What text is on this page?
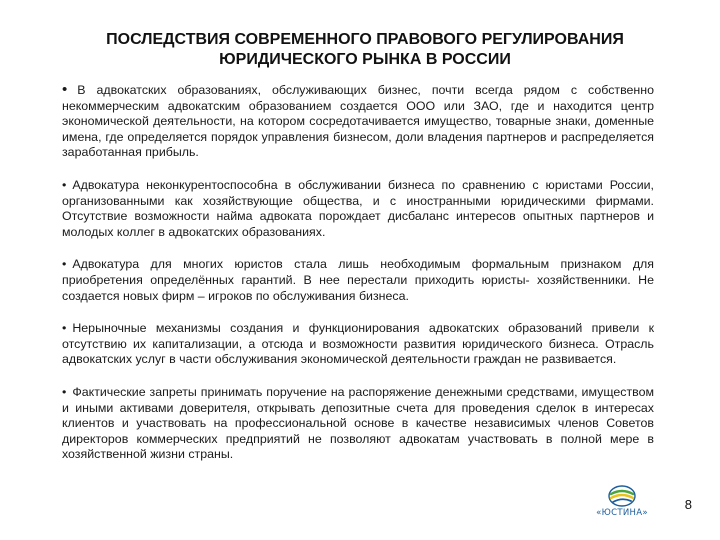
ПОСЛЕДСТВИЯ СОВРЕМЕННОГО ПРАВОВОГО РЕГУЛИРОВАНИЯ
ЮРИДИЧЕСКОГО РЫНКА В РОССИИ

• В адвокатских образованиях, обслуживающих бизнес, почти всегда рядом с собственно некоммерческим адвокатским образованием создается ООО или ЗАО, где и находится центр экономической деятельности, на котором сосредотачивается имущество, товарные знаки, доменные имена, где определяется порядок управления бизнесом, доли владения партнеров и распределяется заработанная прибыль.

• Адвокатура неконкурентоспособна в обслуживании бизнеса по сравнению с юристами России, организованными как хозяйствующие общества, и с иностранными юридическими фирмами. Отсутствие возможности найма адвоката порождает дисбаланс интересов опытных партнеров и молодых коллег в адвокатских образованиях.

• Адвокатура для многих юристов стала лишь необходимым формальным признаком для приобретения определённых гарантий. В нее перестали приходить юристы- хозяйственники. Не создается новых фирм – игроков по обслуживания бизнеса.

• Нерыночные механизмы создания и функционирования адвокатских образований привели к отсутствию их капитализации, а отсюда и возможности развития юридического бизнеса. Отрасль адвокатских услуг в части обслуживания экономической деятельности граждан не развивается.

• Фактические запреты принимать поручение на распоряжение денежными средствами, имуществом и иными активами доверителя, открывать депозитные счета для проведения сделок в интересах клиентов и участвовать на профессиональной основе в качестве независимых членов Советов директоров коммерческих предприятий не позволяют адвокатам участвовать в полной мере в хозяйственной жизни страны.

«ЮСТИНА»
8
